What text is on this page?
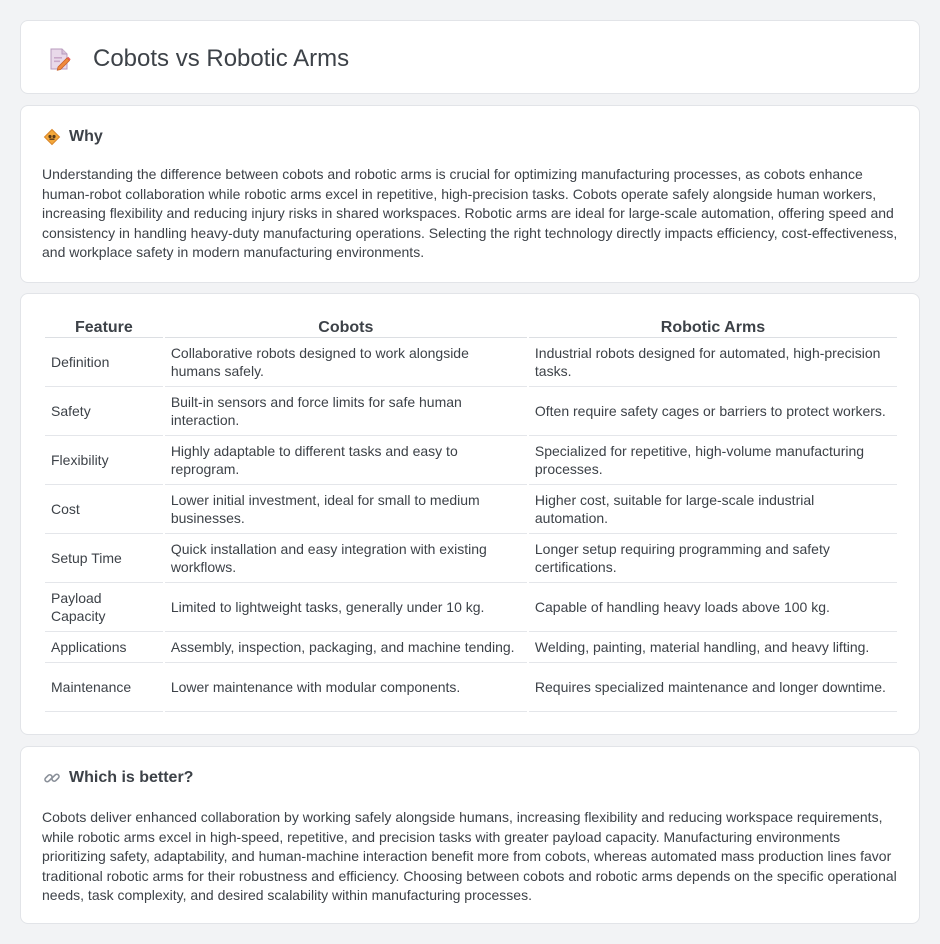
Cobots vs Robotic Arms
Why

Understanding the difference between cobots and robotic arms is crucial for optimizing manufacturing processes, as cobots enhance human-robot collaboration while robotic arms excel in repetitive, high-precision tasks. Cobots operate safely alongside human workers, increasing flexibility and reducing injury risks in shared workspaces. Robotic arms are ideal for large-scale automation, offering speed and consistency in handling heavy-duty manufacturing operations. Selecting the right technology directly impacts efficiency, cost-effectiveness, and workplace safety in modern manufacturing environments.

Feature	Cobots	Robotic Arms
Definition	Collaborative robots designed to work alongside humans safely.	Industrial robots designed for automated, high-precision tasks.
Safety	Built-in sensors and force limits for safe human interaction.	Often require safety cages or barriers to protect workers.
Flexibility	Highly adaptable to different tasks and easy to reprogram.	Specialized for repetitive, high-volume manufacturing processes.
Cost	Lower initial investment, ideal for small to medium businesses.	Higher cost, suitable for large-scale industrial automation.
Setup Time	Quick installation and easy integration with existing workflows.	Longer setup requiring programming and safety certifications.
Payload Capacity	Limited to lightweight tasks, generally under 10 kg.	Capable of handling heavy loads above 100 kg.
Applications	Assembly, inspection, packaging, and machine tending.	Welding, painting, material handling, and heavy lifting.
Maintenance	Lower maintenance with modular components.	Requires specialized maintenance and longer downtime.
Which is better?

Cobots deliver enhanced collaboration by working safely alongside humans, increasing flexibility and reducing workspace requirements, while robotic arms excel in high-speed, repetitive, and precision tasks with greater payload capacity. Manufacturing environments prioritizing safety, adaptability, and human-machine interaction benefit more from cobots, whereas automated mass production lines favor traditional robotic arms for their robustness and efficiency. Choosing between cobots and robotic arms depends on the specific operational needs, task complexity, and desired scalability within manufacturing processes.
